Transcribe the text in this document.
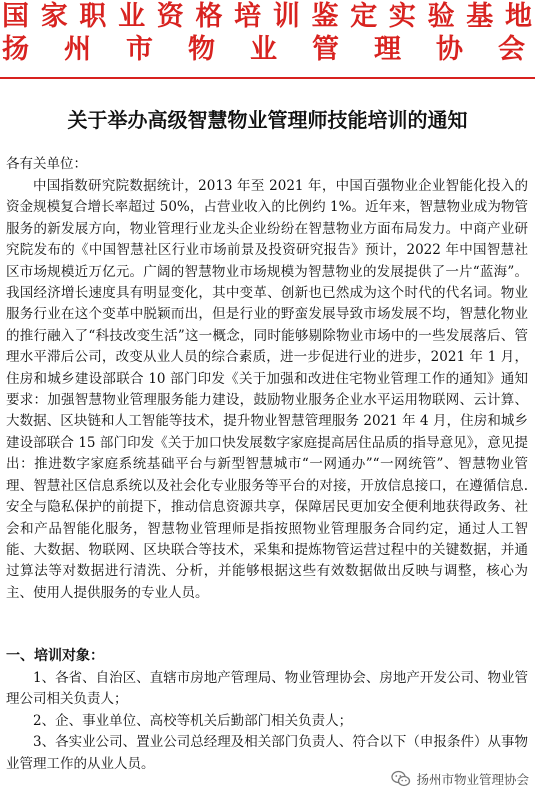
国家职业资格培训鉴定实验基地
扬州市物业管理协会
关于举办高级智慧物业管理师技能培训的通知
各有关单位：
中国指数研究院数据统计，2013 年至 2021 年，中国百强物业企业智能化投入的资金规模复合增长率超过 50%，占营业收入的比例约 1%。近年来，智慧物业成为物管服务的新发展方向，物业管理行业龙头企业纷纷在智慧物业方面布局发力。中商产业研究院发布的《中国智慧社区行业市场前景及投资研究报告》预计，2022 年中国智慧社区市场规模近万亿元。广阔的智慧物业市场规模为智慧物业的发展提供了一片“蓝海”。我国经济增长速度具有明显变化，其中变革、创新也已然成为这个时代的代名词。物业服务行业在这个变革中脱颖而出，但是行业的野蛮发展导致市场发展不均，智慧化物业的推行融入了“科技改变生活”这一概念，同时能够剔除物业市场中的一些发展落后、管理水平滞后公司，改变从业人员的综合素质，进一步促进行业的进步，2021 年 1 月，住房和城乡建设部联合 10 部门印发《关于加强和改进住宅物业管理工作的通知》通知要求：加强智慧物业管理服务能力建设，鼓励物业服务企业水平运用物联网、云计算、大数据、区块链和人工智能等技术，提升物业智慧管理服务 2021 年 4 月，住房和城乡建设部联合 15 部门印发《关于加口快发展数字家庭提高居住品质的指导意见》，意见提出：推进数字家庭系统基础平台与新型智慧城市“一网通办”“一网统管”、智慧物业管理、智慧社区信息系统以及社会化专业服务等平台的对接，开放信息接口，在遵循信息.安全与隐私保护的前提下，推动信息资源共享，保障居民更加安全便利地获得政务、社会和产品智能化服务，智慧物业管理师是指按照物业管理服务合同约定，通过人工智能、大数据、物联网、区块联合等技术，采集和提炼物管运营过程中的关键数据，并通过算法等对数据进行清洗、分析，并能够根据这些有效数据做出反映与调整，核心为主、使用人提供服务的专业人员。
一、培训对象：
1、各省、自治区、直辖市房地产管理局、物业管理协会、房地产开发公司、物业管理公司相关负责人；
2、企、事业单位、高校等机关后勤部门相关负责人；
3、各实业公司、置业公司总经理及相关部门负责人、符合以下（申报条件）从事物业管理工作的从业人员。
扬州市物业管理协会
